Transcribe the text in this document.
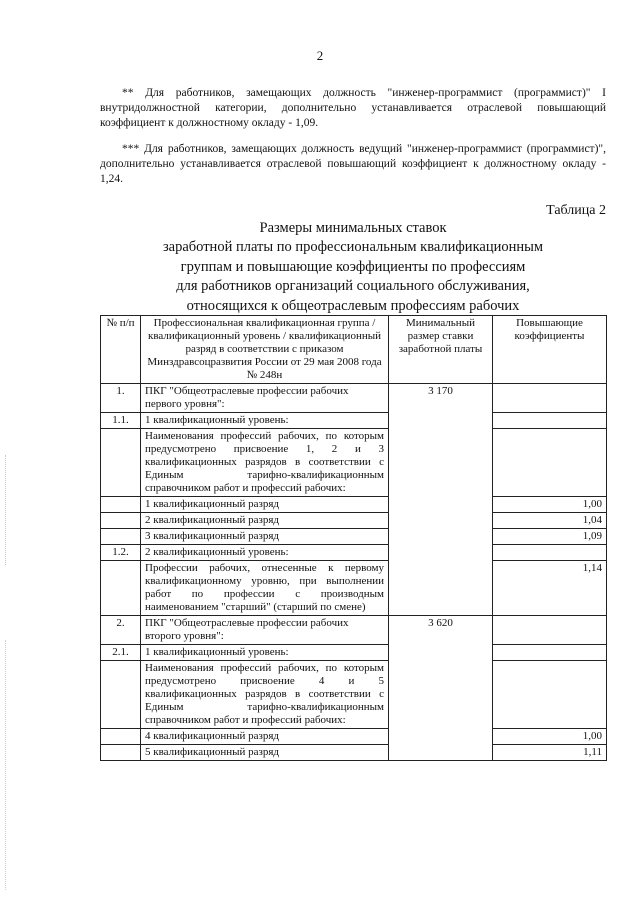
2
** Для работников, замещающих должность "инженер-программист (программист)" I внутридолжностной категории, дополнительно устанавливается отраслевой повышающий коэффициент к должностному окладу - 1,09.
*** Для работников, замещающих должность ведущий "инженер-программист (программист)", дополнительно устанавливается отраслевой повышающий коэффициент к должностному окладу - 1,24.
Таблица 2
Размеры минимальных ставок
заработной платы по профессиональным квалификационным
группам и повышающие коэффициенты по профессиям
для работников организаций социального обслуживания,
относящихся к общеотраслевым профессиям рабочих
№ п/п	Профессиональная квалификационная группа / квалификационный уровень / квалификационный разряд в соответствии с приказом Минздравсоцразвития России от 29 мая 2008 года № 248н	Минимальный размер ставки заработной платы	Повышающие коэффициенты
1.	ПКГ "Общеотраслевые профессии рабочих первого уровня":	3 170	
1.1.	1 квалификационный уровень:		
	Наименования профессий рабочих, по которым предусмотрено присвоение 1, 2 и 3 квалификационных разрядов в соответствии с Единым тарифно-квалификационным справочником работ и профессий рабочих:		
	1 квалификационный разряд		1,00
	2 квалификационный разряд		1,04
	3 квалификационный разряд		1,09
1.2.	2 квалификационный уровень:		
	Профессии рабочих, отнесенные к первому квалификационному уровню, при выполнении работ по профессии с производным наименованием "старший" (старший по смене)		1,14
2.	ПКГ "Общеотраслевые профессии рабочих второго уровня":	3 620	
2.1.	1 квалификационный уровень:		
	Наименования профессий рабочих, по которым предусмотрено присвоение 4 и 5 квалификационных разрядов в соответствии с Единым тарифно-квалификационным справочником работ и профессий рабочих:		
	4 квалификационный разряд		1,00
	5 квалификационный разряд		1,11
